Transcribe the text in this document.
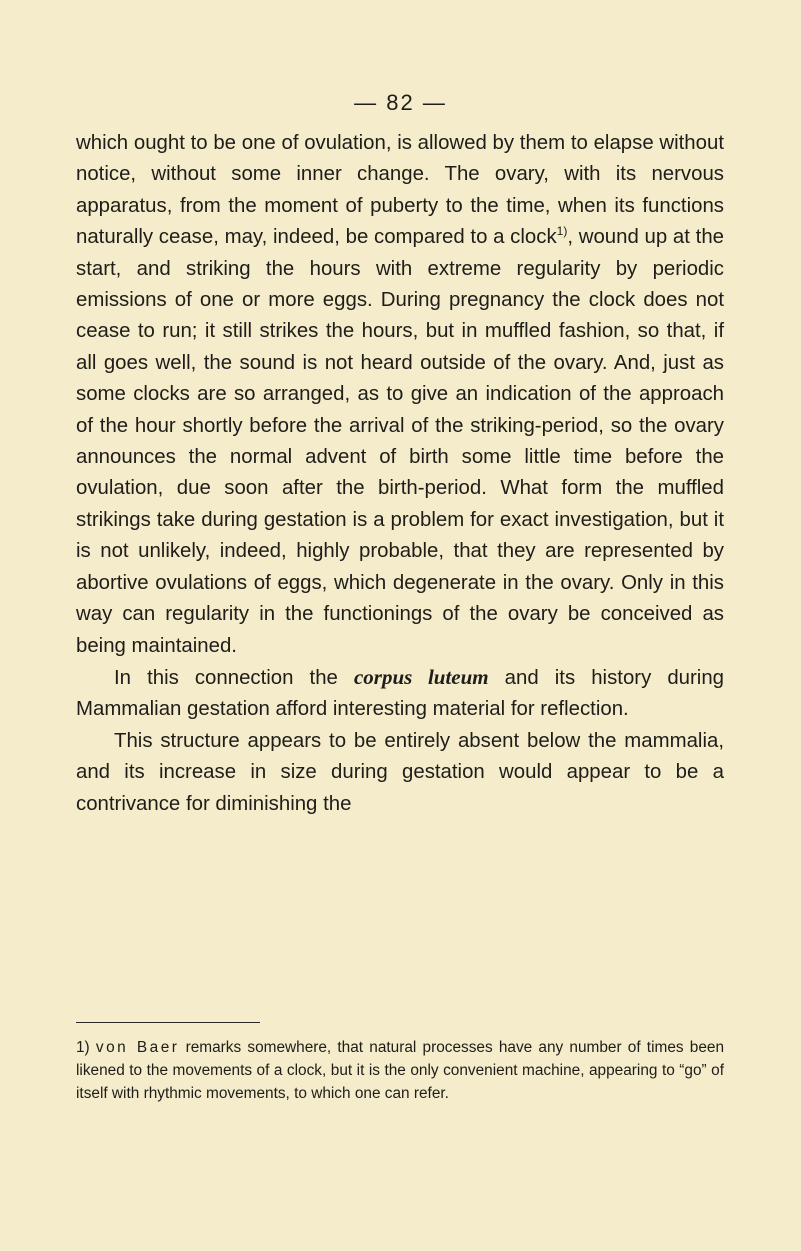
— 82 —

which ought to be one of ovulation, is allowed by them to elapse without notice, without some inner change. The ovary, with its nervous apparatus, from the moment of puberty to the time, when its functions naturally cease, may, indeed, be compared to a clock$^{1)}$, wound up at the start, and striking the hours with extreme regularity by periodic emissions of one or more eggs. During pregnancy the clock does not cease to run; it still strikes the hours, but in muffled fashion, so that, if all goes well, the sound is not heard outside of the ovary. And, just as some clocks are so arranged, as to give an indication of the approach of the hour shortly before the arrival of the striking-period, so the ovary announces the normal advent of birth some little time before the ovulation, due soon after the birth-period. What form the muffled strikings take during gestation is a problem for exact investigation, but it is not unlikely, indeed, highly probable, that they are represented by abortive ovulations of eggs, which degenerate in the ovary. Only in this way can regularity in the functionings of the ovary be conceived as being maintained.

In this connection the corpus luteum and its history during Mammalian gestation afford interesting material for reflection.

This structure appears to be entirely absent below the mammalia, and its increase in size during gestation would appear to be a contrivance for diminishing the

1) von Baer remarks somewhere, that natural processes have any number of times been likened to the movements of a clock, but it is the only convenient machine, appearing to “go” of itself with rhythmic movements, to which one can refer.
